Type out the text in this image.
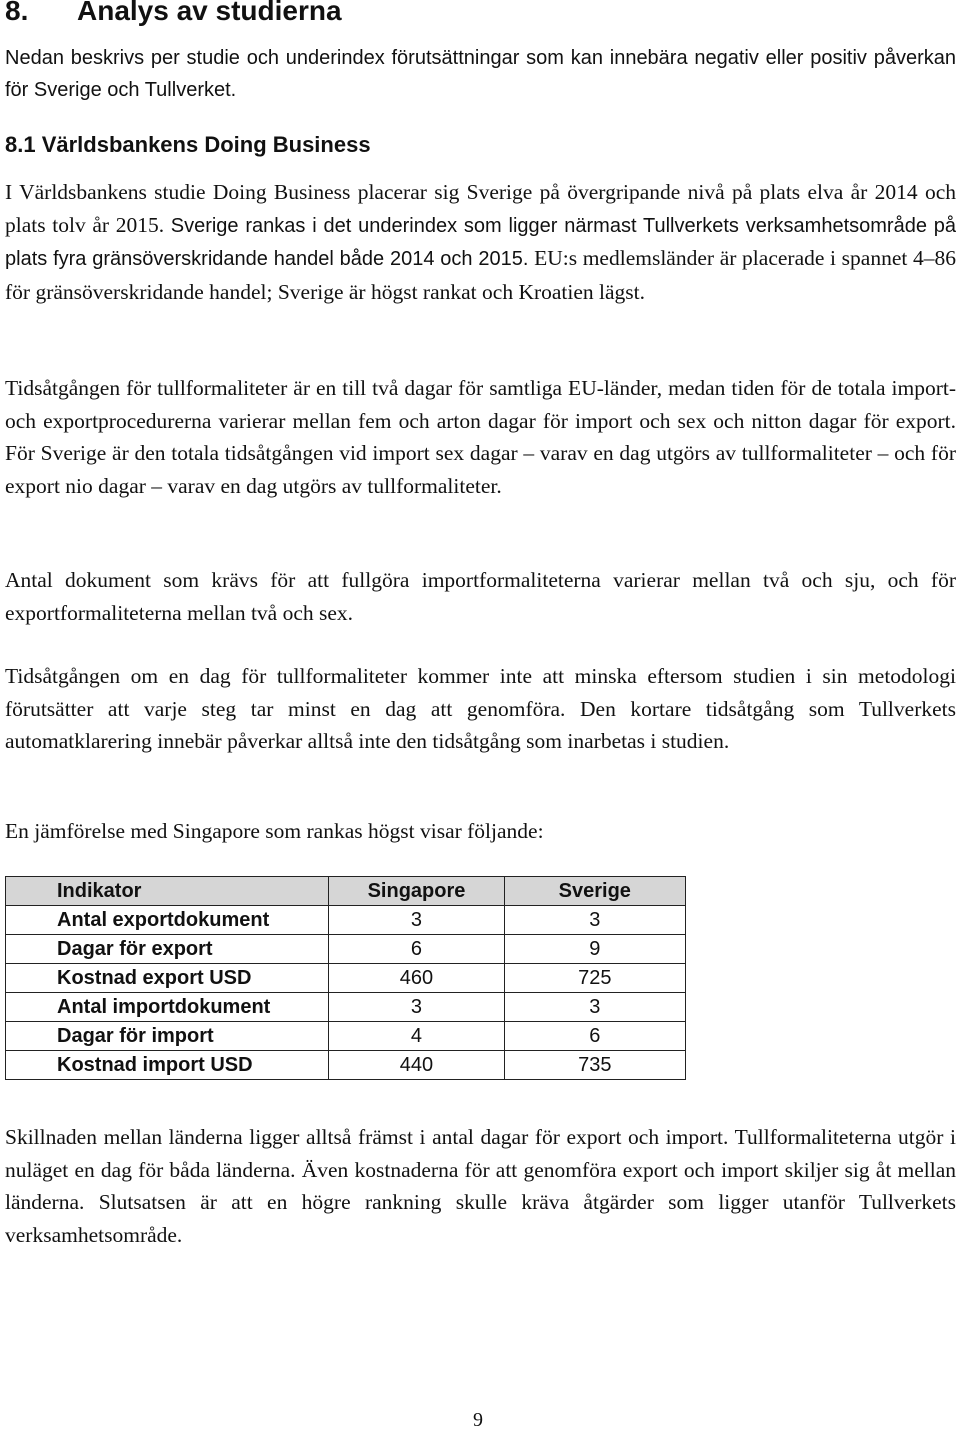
8. Analys av studierna

Nedan beskrivs per studie och underindex förutsättningar som kan innebära negativ eller positiv påverkan för Sverige och Tullverket.

8.1 Världsbankens Doing Business

I Världsbankens studie Doing Business placerar sig Sverige på övergripande nivå på plats elva år 2014 och plats tolv år 2015. Sverige rankas i det underindex som ligger närmast Tullverkets verksamhetsområde på plats fyra gränsöverskridande handel både 2014 och 2015. EU:s medlemsländer är placerade i spannet 4–86 för gränsöverskridande handel; Sverige är högst rankat och Kroatien lägst.

Tidsåtgången för tullformaliteter är en till två dagar för samtliga EU-länder, medan tiden för de totala import- och exportprocedurerna varierar mellan fem och arton dagar för import och sex och nitton dagar för export. För Sverige är den totala tidsåtgången vid import sex dagar – varav en dag utgörs av tullformaliteter – och för export nio dagar – varav en dag utgörs av tullformaliteter.

Antal dokument som krävs för att fullgöra importformaliteterna varierar mellan två och sju, och för exportformaliteterna mellan två och sex.

Tidsåtgången om en dag för tullformaliteter kommer inte att minska eftersom studien i sin metodologi förutsätter att varje steg tar minst en dag att genomföra. Den kortare tidsåtgång som Tullverkets automatklarering innebär påverkar alltså inte den tidsåtgång som inarbetas i studien.

En jämförelse med Singapore som rankas högst visar följande:

Indikator	Singapore	Sverige
Antal exportdokument	3	3
Dagar för export	6	9
Kostnad export USD	460	725
Antal importdokument	3	3
Dagar för import	4	6
Kostnad import USD	440	735

Skillnaden mellan länderna ligger alltså främst i antal dagar för export och import. Tullformaliteterna utgör i nuläget en dag för båda länderna. Även kostnaderna för att genomföra export och import skiljer sig åt mellan länderna. Slutsatsen är att en högre rankning skulle kräva åtgärder som ligger utanför Tullverkets verksamhetsområde.

9
